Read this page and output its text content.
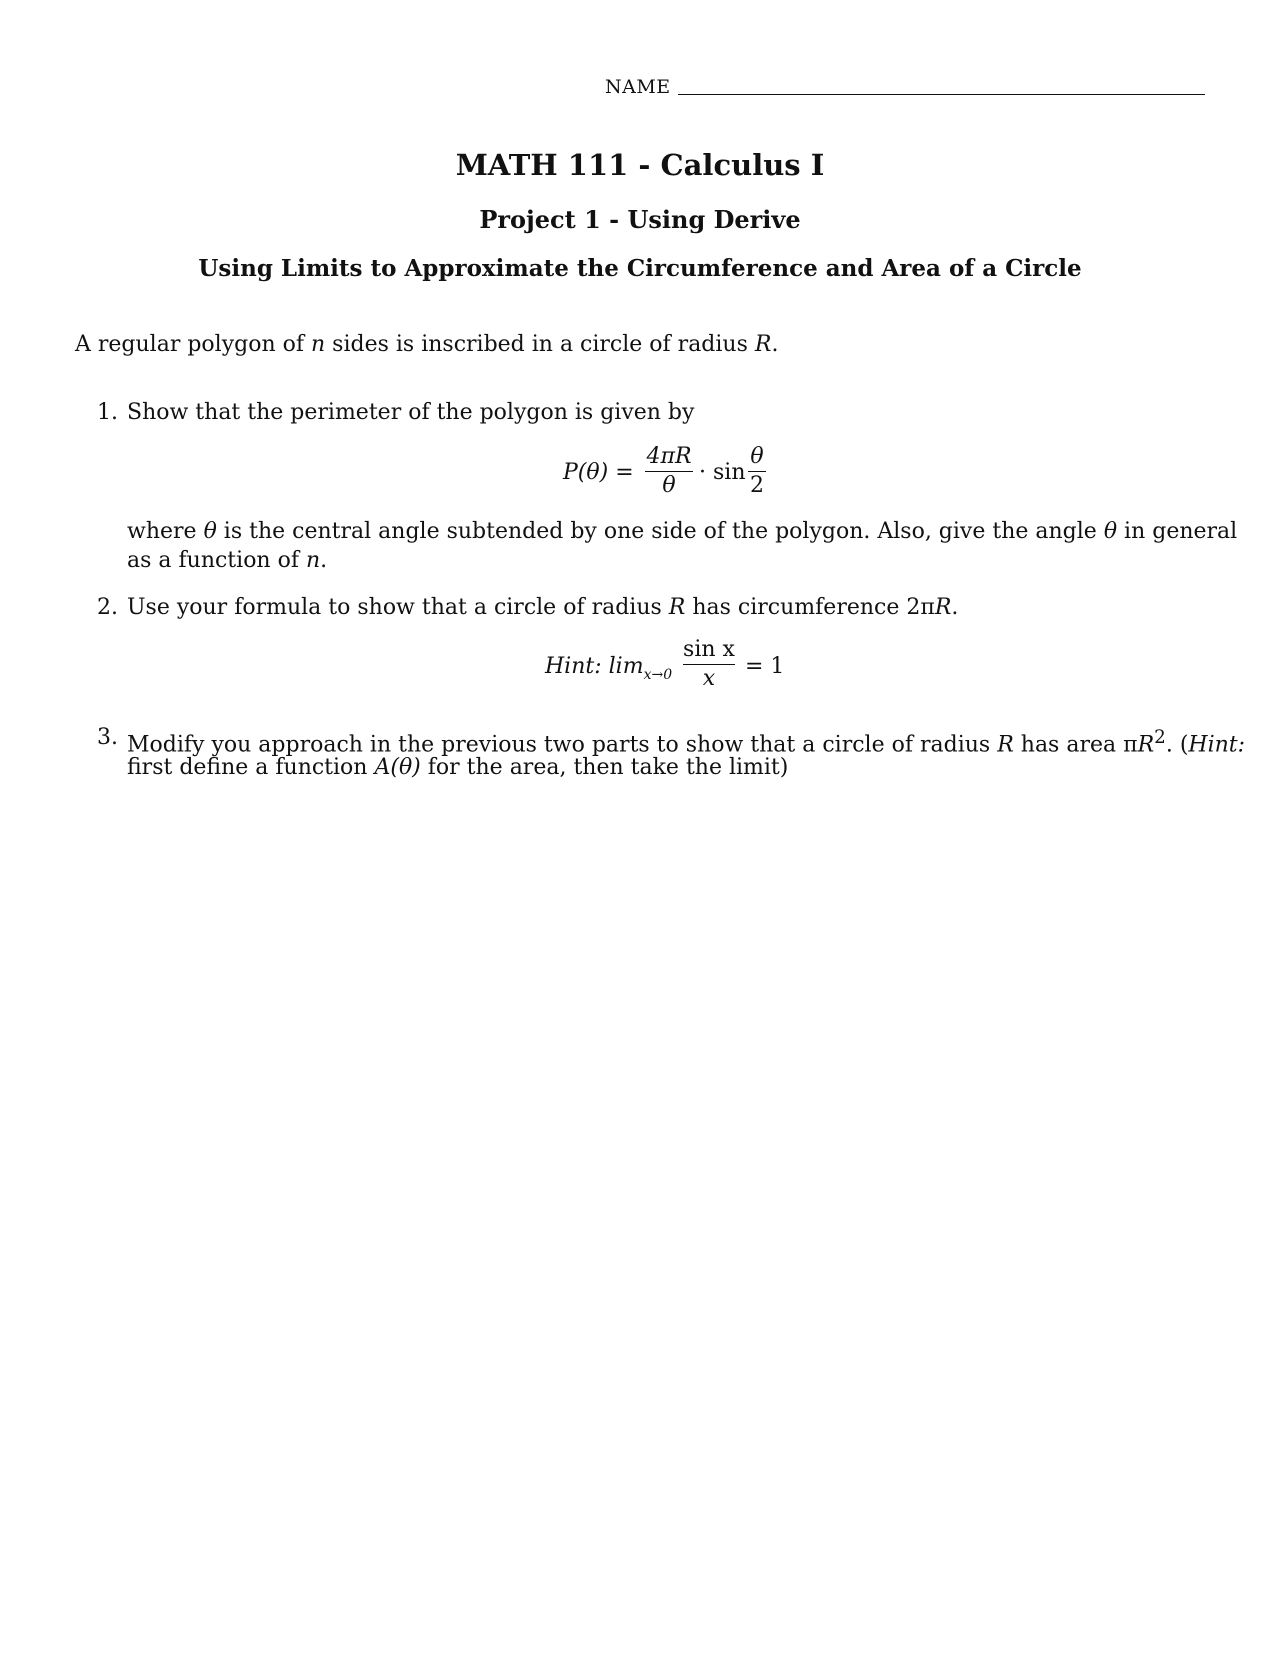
NAME
MATH 111 - Calculus I
Project 1 - Using Derive
Using Limits to Approximate the Circumference and Area of a Circle
A regular polygon of n sides is inscribed in a circle of radius R.
1. Show that the perimeter of the polygon is given by
P(θ) =
4πR
θ
· sin
θ
2
where θ is the central angle subtended by one side of the polygon. Also, give the angle θ in general
as a function of n.
2. Use your formula to show that a circle of radius R has circumference 2πR.
Hint: $\lim_{x\to 0}$
sin x
x	= 1
3. Modify you approach in the previous two parts to show that a circle of radius R has area $\pi R^2$. (Hint:
first define a function A(θ) for the area, then take the limit)
